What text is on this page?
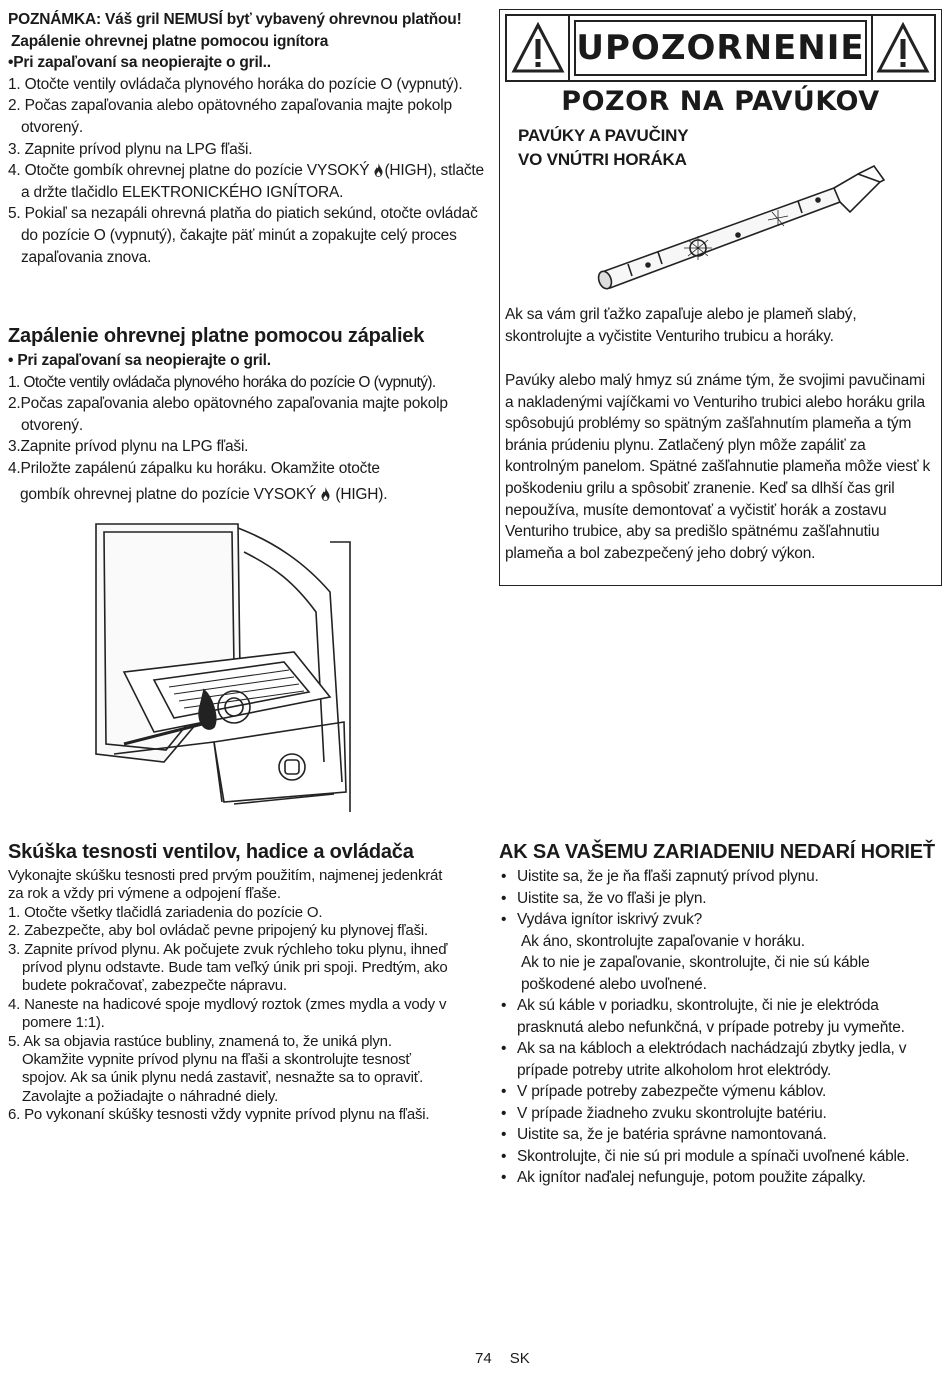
POZNÁMKA: Váš gril NEMUSÍ byť vybavený ohrevnou platňou!

Zapálenie ohrevnej platne pomocou ignítora

•Pri zapaľovaní sa neopierajte o gril..

1. Otočte ventily ovládača plynového horáka do pozície O (vypnutý).

2. Počas zapaľovania alebo opätovného zapaľovania majte pokolp otvorený.

3. Zapnite prívod plynu na LPG fľaši.

4. Otočte gombík ohrevnej platne do pozície VYSOKÝ (HIGH), stlačte a držte tlačidlo ELEKTRONICKÉHO IGNÍTORA.

5. Pokiaľ sa nezapáli ohrevná platňa do piatich sekúnd, otočte ovládač do pozície O (vypnutý), čakajte päť minút a zopakujte celý proces zapaľovania znova.

Zapálenie ohrevnej platne pomocou zápaliek

• Pri zapaľovaní sa neopierajte o gril.

1. Otočte ventily ovládača plynového horáka do pozície O (vypnutý).

2.Počas zapaľovania alebo opätovného zapaľovania majte pokolp otvorený.

3.Zapnite prívod plynu na LPG fľaši.

4.Priložte zapálenú zápalku ku horáku. Okamžite otočte

gombík ohrevnej platne do pozície VYSOKÝ (HIGH).

UPOZORNENIE
POZOR NA PAVÚKOV
PAVÚKY A PAVUČINY
VO VNÚTRI HORÁKA

Ak sa vám gril ťažko zapaľuje alebo je plameň slabý, skontrolujte a vyčistite Venturiho trubicu a horáky.

Pavúky alebo malý hmyz sú známe tým, že svojimi pavučinami a nakladenými vajíčkami vo Venturiho trubici alebo horáku grila spôsobujú problémy so spätným zašľahnutím plameňa a tým bránia prúdeniu plynu. Zatlačený plyn môže zapáliť za kontrolným panelom. Spätné zašľahnutie plameňa môže viesť k poškodeniu grilu a spôsobiť zranenie. Keď sa dlhší čas gril nepoužíva, musíte demontovať a vyčistiť horák a zostavu Venturiho trubice, aby sa predišlo spätnému zašľahnutiu plameňa a bol zabezpečený jeho dobrý výkon.

Skúška tesnosti ventilov, hadice a ovládača

Vykonajte skúšku tesnosti pred prvým použitím, najmenej jedenkrát za rok a vždy pri výmene a odpojení fľaše.

1. Otočte všetky tlačidlá zariadenia do pozície O.

2. Zabezpečte, aby bol ovládač pevne pripojený ku plynovej fľaši.

3. Zapnite prívod plynu. Ak počujete zvuk rýchleho toku plynu, ihneď prívod plynu odstavte. Bude tam veľký únik pri spoji. Predtým, ako budete pokračovať, zabezpečte nápravu.

4. Naneste na hadicové spoje mydlový roztok (zmes mydla a vody v pomere 1:1).

5. Ak sa objavia rastúce bubliny, znamená to, že uniká plyn. Okamžite vypnite prívod plynu na fľaši a skontrolujte tesnosť spojov. Ak sa únik plynu nedá zastaviť, nesnažte sa to opraviť. Zavolajte a požiadajte o náhradné diely.

6. Po vykonaní skúšky tesnosti vždy vypnite prívod plynu na fľaši.

AK SA VAŠEMU ZARIADENIU NEDARÍ HORIEŤ
• Uistite sa, že je ňa fľaši zapnutý prívod plynu.
• Uistite sa, že vo fľaši je plyn.
• Vydáva ignítor iskrivý zvuk?

Ak áno, skontrolujte zapaľovanie v horáku.

Ak to nie je zapaľovanie, skontrolujte, či nie sú káble poškodené alebo uvoľnené.

• Ak sú káble v poriadku, skontrolujte, či nie je elektróda prasknutá alebo nefunkčná, v prípade potreby ju vymeňte.
• Ak sa na kábloch a elektródach nachádzajú zbytky jedla, v prípade potreby utrite alkoholom hrot elektródy.
• V prípade potreby zabezpečte výmenu káblov.
• V prípade žiadneho zvuku skontrolujte batériu.
• Uistite sa, že je batéria správne namontovaná.
• Skontrolujte, či nie sú pri module a spínači uvoľnené káble.
• Ak ignítor naďalej nefunguje, potom použite zápalky.
74 SK
